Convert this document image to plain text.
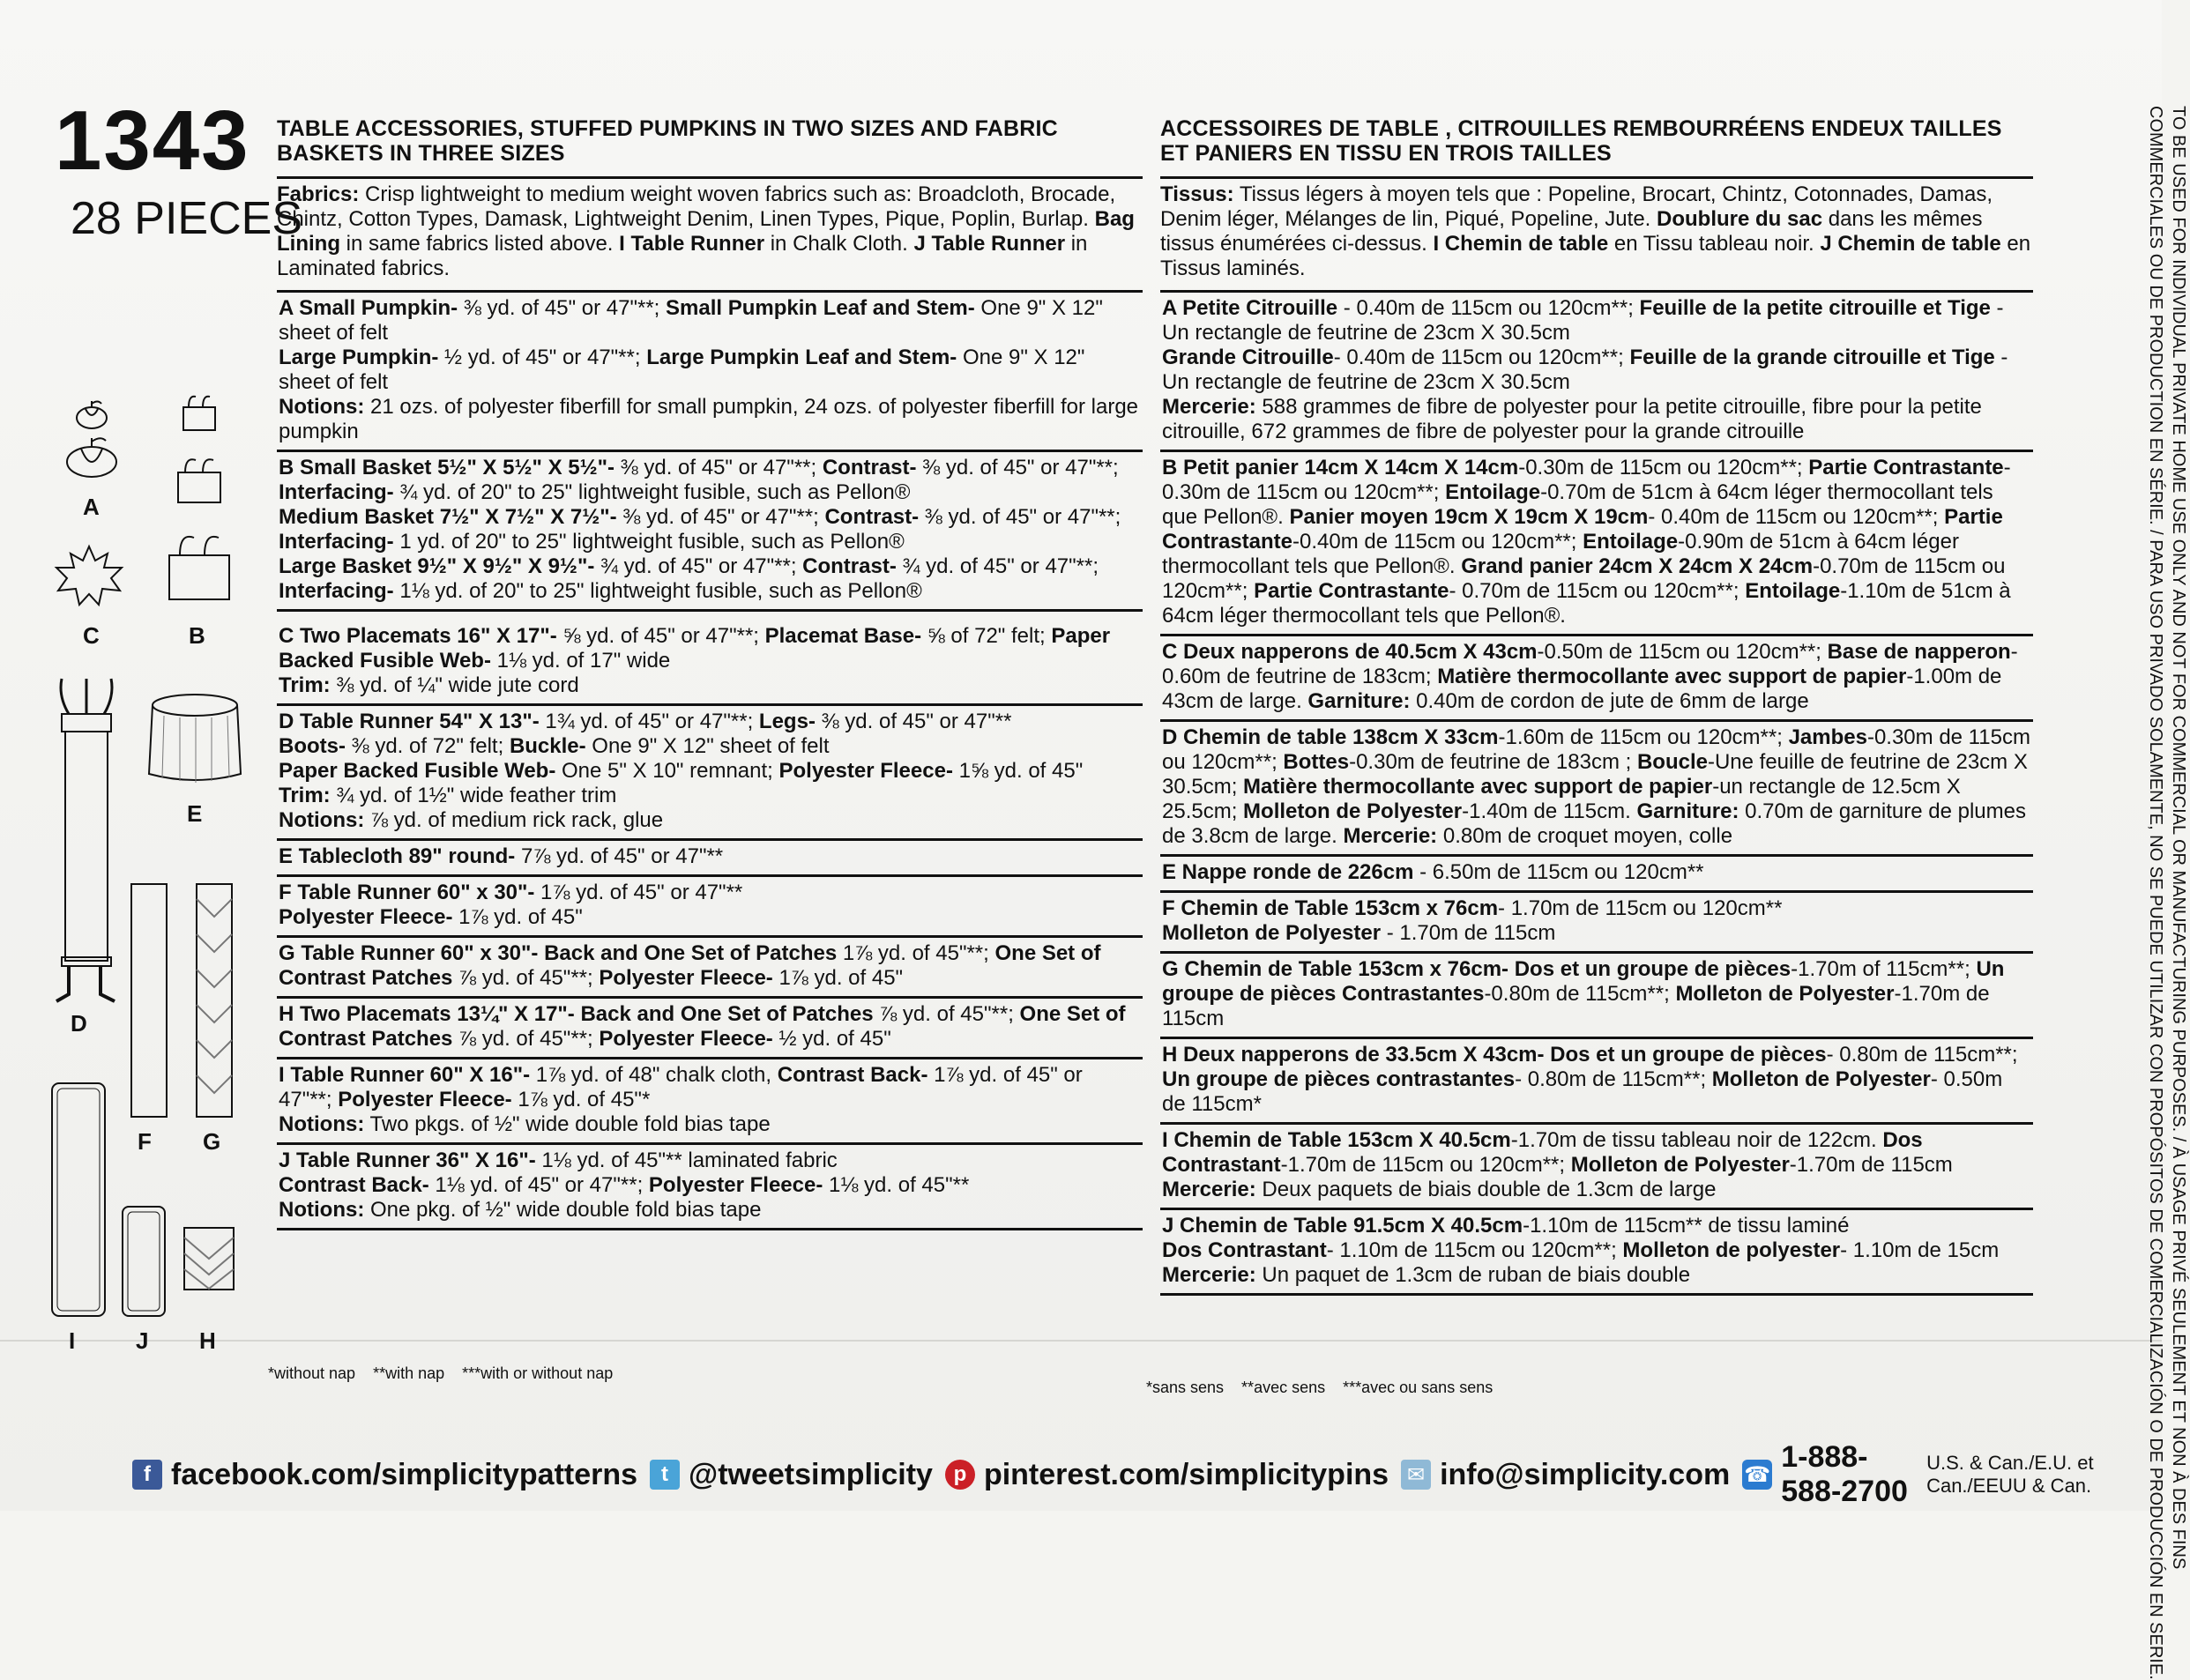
1343
28 PIECES
A
B
C
D
E
F G
I	J H
TABLE ACCESSORIES, STUFFED PUMPKINS IN TWO SIZES AND FABRIC BASKETS IN THREE SIZES
Fabrics: Crisp lightweight to medium weight woven fabrics such as: Broadcloth, Brocade, Chintz, Cotton Types, Damask, Lightweight Denim, Linen Types, Pique, Poplin, Burlap. Bag Lining in same fabrics listed above. I Table Runner in Chalk Cloth. J Table Runner in Laminated fabrics.
A Small Pumpkin- ⅜ yd. of 45" or 47"**; Small Pumpkin Leaf and Stem- One 9" X 12" sheet of felt
Large Pumpkin- ½ yd. of 45" or 47"**; Large Pumpkin Leaf and Stem- One 9" X 12" sheet of felt
Notions: 21 ozs. of polyester fiberfill for small pumpkin, 24 ozs. of polyester fiberfill for large pumpkin
B Small Basket 5½" X 5½" X 5½"- ⅜ yd. of 45" or 47"**; Contrast- ⅜ yd. of 45" or 47"**; Interfacing- ¾ yd. of 20" to 25" lightweight fusible, such as Pellon®
Medium Basket 7½" X 7½" X 7½"- ⅜ yd. of 45" or 47"**; Contrast- ⅜ yd. of 45" or 47"**; Interfacing- 1 yd. of 20" to 25" lightweight fusible, such as Pellon®
Large Basket 9½" X 9½" X 9½"- ¾ yd. of 45" or 47"**; Contrast- ¾ yd. of 45" or 47"**; Interfacing- 1⅛ yd. of 20" to 25" lightweight fusible, such as Pellon®
C Two Placemats 16" X 17"- ⅝ yd. of 45" or 47"**; Placemat Base- ⅝ of 72" felt; Paper Backed Fusible Web- 1⅛ yd. of 17" wide
Trim: ⅜ yd. of ¼" wide jute cord
D Table Runner 54" X 13"- 1¾ yd. of 45" or 47"**; Legs- ⅜ yd. of 45" or 47"**
Boots- ⅜ yd. of 72" felt; Buckle- One 9" X 12" sheet of felt
Paper Backed Fusible Web- One 5" X 10" remnant; Polyester Fleece- 1⅝ yd. of 45"
Trim: ¾ yd. of 1½" wide feather trim
Notions: ⅞ yd. of medium rick rack, glue
E Tablecloth 89" round- 7⅞ yd. of 45" or 47"**
F Table Runner 60" x 30"- 1⅞ yd. of 45" or 47"**
Polyester Fleece- 1⅞ yd. of 45"
G Table Runner 60" x 30"- Back and One Set of Patches 1⅞ yd. of 45"**; One Set of Contrast Patches ⅞ yd. of 45"**; Polyester Fleece- 1⅞ yd. of 45"
H Two Placemats 13¼" X 17"- Back and One Set of Patches ⅞ yd. of 45"**; One Set of Contrast Patches ⅞ yd. of 45"**; Polyester Fleece- ½ yd. of 45"
I Table Runner 60" X 16"- 1⅞ yd. of 48" chalk cloth, Contrast Back- 1⅞ yd. of 45" or 47"**; Polyester Fleece- 1⅞ yd. of 45"*
Notions: Two pkgs. of ½" wide double fold bias tape
J Table Runner 36" X 16"- 1⅛ yd. of 45"** laminated fabric
Contrast Back- 1⅛ yd. of 45" or 47"**; Polyester Fleece- 1⅛ yd. of 45"**
Notions: One pkg. of ½" wide double fold bias tape
*without nap    **with nap    ***with or without nap
ACCESSOIRES DE TABLE , CITROUILLES REMBOURRÉENS ENDEUX TAILLES ET PANIERS EN TISSU EN TROIS TAILLES
Tissus: Tissus légers à moyen tels que : Popeline, Brocart, Chintz, Cotonnades, Damas, Denim léger, Mélanges de lin, Piqué, Popeline, Jute. Doublure du sac dans les mêmes tissus énumérées ci-dessus. I Chemin de table en Tissu tableau noir. J Chemin de table en Tissus laminés.
A Petite Citrouille - 0.40m de 115cm ou 120cm**; Feuille de la petite citrouille et Tige - Un rectangle de feutrine de 23cm X 30.5cm
Grande Citrouille- 0.40m de 115cm ou 120cm**; Feuille de la grande citrouille et Tige - Un rectangle de feutrine de 23cm X 30.5cm
Mercerie: 588 grammes de fibre de polyester pour la petite citrouille, fibre pour la petite citrouille, 672 grammes de fibre de polyester pour la grande citrouille
B Petit panier 14cm X 14cm X 14cm-0.30m de 115cm ou 120cm**; Partie Contrastante-0.30m de 115cm ou 120cm**; Entoilage-0.70m de 51cm à 64cm léger thermocollant tels que Pellon®. Panier moyen 19cm X 19cm X 19cm- 0.40m de 115cm ou 120cm**; Partie Contrastante-0.40m de 115cm ou 120cm**; Entoilage-0.90m de 51cm à 64cm léger thermocollant tels que Pellon®. Grand panier 24cm X 24cm X 24cm-0.70m de 115cm ou 120cm**; Partie Contrastante- 0.70m de 115cm ou 120cm**; Entoilage-1.10m de 51cm à 64cm léger thermocollant tels que Pellon®.
C Deux napperons de 40.5cm X 43cm-0.50m de 115cm ou 120cm**; Base de napperon-0.60m de feutrine de 183cm; Matière thermocollante avec support de papier-1.00m de 43cm de large. Garniture: 0.40m de cordon de jute de 6mm de large
D Chemin de table 138cm X 33cm-1.60m de 115cm ou 120cm**; Jambes-0.30m de 115cm ou 120cm**; Bottes-0.30m de feutrine de 183cm ; Boucle-Une feuille de feutrine de 23cm X 30.5cm; Matière thermocollante avec support de papier-un rectangle de 12.5cm X 25.5cm; Molleton de Polyester-1.40m de 115cm. Garniture: 0.70m de garniture de plumes de 3.8cm de large. Mercerie: 0.80m de croquet moyen, colle
E Nappe ronde de 226cm - 6.50m de 115cm ou 120cm**
F Chemin de Table 153cm x 76cm- 1.70m de 115cm ou 120cm**
Molleton de Polyester - 1.70m de 115cm
G Chemin de Table 153cm x 76cm- Dos et un groupe de pièces-1.70m of 115cm**; Un groupe de pièces Contrastantes-0.80m de 115cm**; Molleton de Polyester-1.70m de 115cm
H Deux napperons de 33.5cm X 43cm- Dos et un groupe de pièces- 0.80m de 115cm**; Un groupe de pièces contrastantes- 0.80m de 115cm**; Molleton de Polyester- 0.50m de 115cm*
I Chemin de Table 153cm X 40.5cm-1.70m de tissu tableau noir de 122cm. Dos Contrastant-1.70m de 115cm ou 120cm**; Molleton de Polyester-1.70m de 115cm
Mercerie: Deux paquets de biais double de 1.3cm de large
J Chemin de Table 91.5cm X 40.5cm-1.10m de 115cm** de tissu laminé
Dos Contrastant- 1.10m de 115cm ou 120cm**; Molleton de polyester- 1.10m de 15cm
Mercerie: Un paquet de 1.3cm de ruban de biais double
*sans sens    **avec sens    ***avec ou sans sens	TO BE USED FOR INDIVIDUAL PRIVATE HOME USE ONLY AND NOT FOR COMMERCIAL OR MANUFACTURING PURPOSES. / À USAGE PRIVÉ SEULEMENT ET NON À DES FINS
COMMERCIALES OU DE PRODUCTION EN SÉRIE. / PARA USO PRIVADO SOLAMENTE, NO SE PUEDE UTILIZAR CON PROPÓSITOS DE COMERCIALIZACIÓN O DE PRODUCCIÓN EN SERIE.
f facebook.com/simplicitypatterns	t @tweetsimplicity p pinterest.com/simplicitypins ✉ info@simplicity.com ☎
1-888-588-2700
U.S. & Can./E.U. et Can./EEUU & Can.
